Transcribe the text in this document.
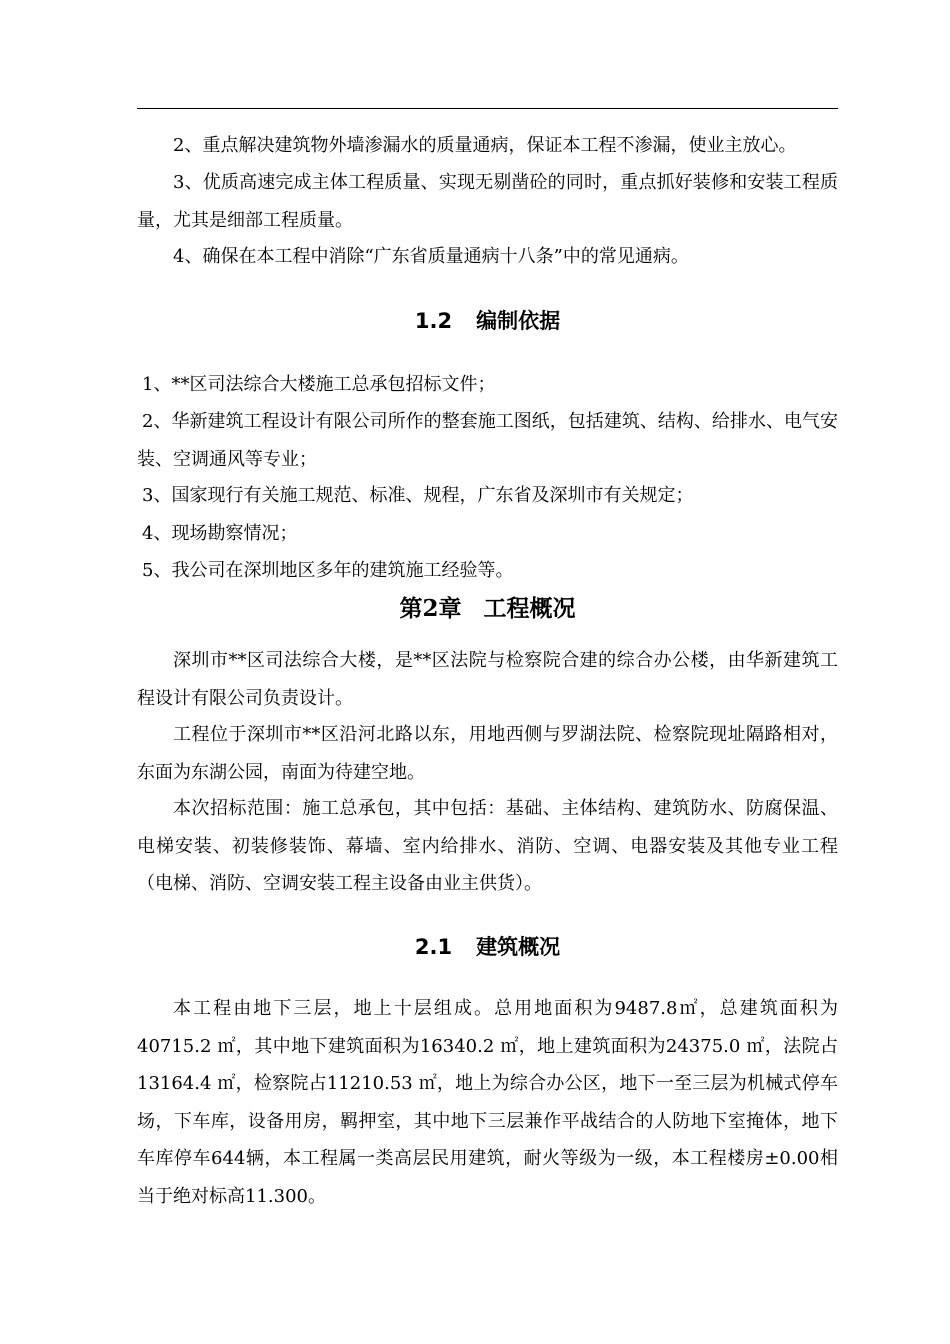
2、重点解决建筑物外墙渗漏水的质量通病，保证本工程不渗漏，使业主放心。

3、优质高速完成主体工程质量、实现无剔凿砼的同时，重点抓好装修和安装工程质量，尤其是细部工程质量。

4、确保在本工程中消除“广东省质量通病十八条”中的常见通病。

1.2 编制依据

1、**区司法综合大楼施工总承包招标文件；

2、华新建筑工程设计有限公司所作的整套施工图纸，包括建筑、结构、给排水、电气安装、空调通风等专业；

3、国家现行有关施工规范、标准、规程，广东省及深圳市有关规定；

4、现场勘察情况；

5、我公司在深圳地区多年的建筑施工经验等。

第2章 工程概况

深圳市**区司法综合大楼，是**区法院与检察院合建的综合办公楼，由华新建筑工程设计有限公司负责设计。

工程位于深圳市**区沿河北路以东，用地西侧与罗湖法院、检察院现址隔路相对，东面为东湖公园，南面为待建空地。

本次招标范围：施工总承包，其中包括：基础、主体结构、建筑防水、防腐保温、电梯安装、初装修装饰、幕墙、室内给排水、消防、空调、电器安装及其他专业工程（电梯、消防、空调安装工程主设备由业主供货）。

2.1 建筑概况

本工程由地下三层，地上十层组成。总用地面积为9487.8㎡，总建筑面积为40715.2 ㎡，其中地下建筑面积为16340.2 ㎡，地上建筑面积为24375.0 ㎡，法院占13164.4 ㎡，检察院占11210.53 ㎡，地上为综合办公区，地下一至三层为机械式停车场，下车库，设备用房，羁押室，其中地下三层兼作平战结合的人防地下室掩体，地下车库停车644辆，本工程属一类高层民用建筑，耐火等级为一级，本工程楼房±0.00相当于绝对标高11.300。
